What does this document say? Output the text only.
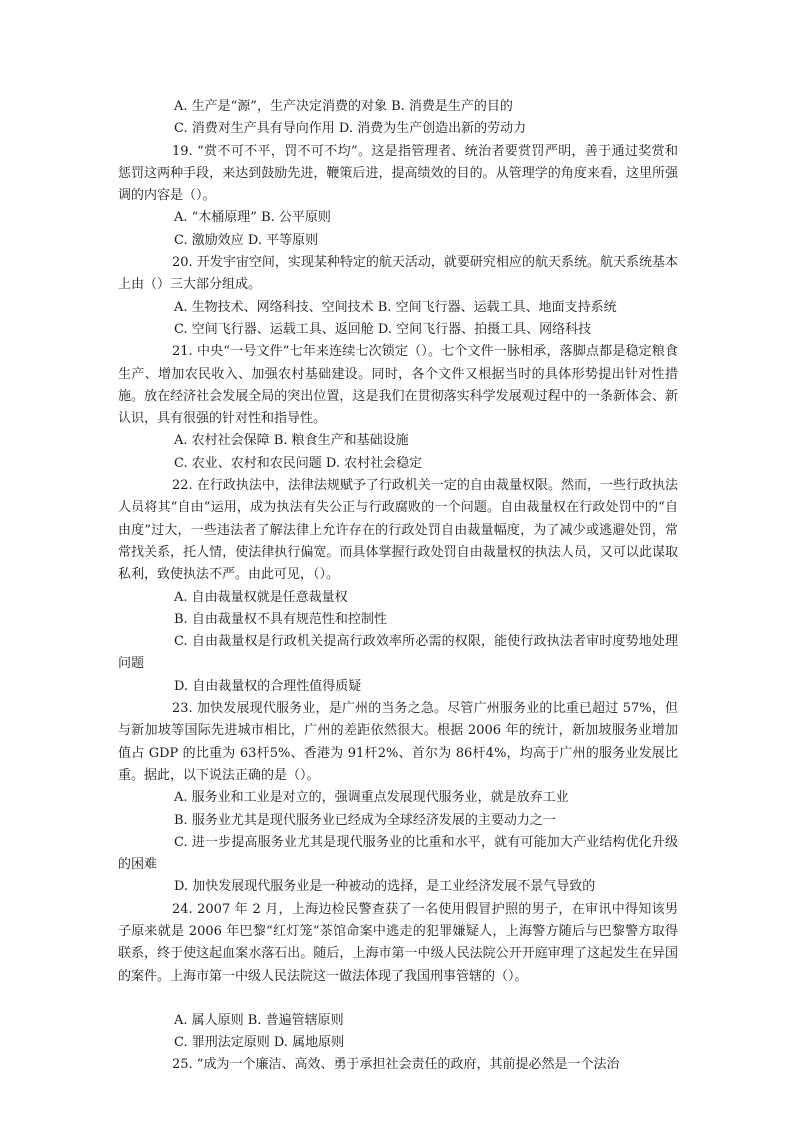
A. 生产是“源”，生产决定消费的对象 B. 消费是生产的目的

C. 消费对生产具有导向作用 D. 消费为生产创造出新的劳动力

19. “赏不可不平，罚不可不均”。这是指管理者、统治者要赏罚严明，善于通过奖赏和惩罚这两种手段，来达到鼓励先进，鞭策后进，提高绩效的目的。从管理学的角度来看，这里所强调的内容是（）。

A. “木桶原理” B. 公平原则

C. 激励效应 D. 平等原则

20. 开发宇宙空间，实现某种特定的航天活动，就要研究相应的航天系统。航天系统基本上由（）三大部分组成。

A. 生物技术、网络科技、空间技术 B. 空间飞行器、运载工具、地面支持系统

C. 空间飞行器、运载工具、返回舱 D. 空间飞行器、拍摄工具、网络科技

21. 中央“一号文件”七年来连续七次锁定（）。七个文件一脉相承，落脚点都是稳定粮食生产、增加农民收入、加强农村基础建设。同时，各个文件又根据当时的具体形势提出针对性措施。放在经济社会发展全局的突出位置，这是我们在贯彻落实科学发展观过程中的一条新体会、新认识，具有很强的针对性和指导性。

A. 农村社会保障 B. 粮食生产和基础设施

C. 农业、农村和农民问题 D. 农村社会稳定

22. 在行政执法中，法律法规赋予了行政机关一定的自由裁量权限。然而，一些行政执法人员将其“自由”运用，成为执法有失公正与行政腐败的一个问题。自由裁量权在行政处罚中的“自由度”过大，一些违法者了解法律上允许存在的行政处罚自由裁量幅度，为了减少或逃避处罚，常常找关系，托人情，使法律执行偏宽。而具体掌握行政处罚自由裁量权的执法人员，又可以此谋取私利，致使执法不严。由此可见，（）。

A. 自由裁量权就是任意裁量权

B. 自由裁量权不具有规范性和控制性

C. 自由裁量权是行政机关提高行政效率所必需的权限，能使行政执法者审时度势地处理问题

D. 自由裁量权的合理性值得质疑

23. 加快发展现代服务业，是广州的当务之急。尽管广州服务业的比重已超过 57%，但与新加坡等国际先进城市相比，广州的差距依然很大。根据 2006 年的统计，新加坡服务业增加值占 GDP 的比重为 63杆5%、香港为 91杆2%、首尔为 86杆4%，均高于广州的服务业发展比重。据此，以下说法正确的是（）。

A. 服务业和工业是对立的，强调重点发展现代服务业，就是放弃工业

B. 服务业尤其是现代服务业已经成为全球经济发展的主要动力之一

C. 进一步提高服务业尤其是现代服务业的比重和水平，就有可能加大产业结构优化升级的困难

D. 加快发展现代服务业是一种被动的选择，是工业经济发展不景气导致的

24. 2007 年 2 月，上海边检民警查获了一名使用假冒护照的男子，在审讯中得知该男子原来就是 2006 年巴黎“红灯笼”茶馆命案中逃走的犯罪嫌疑人，上海警方随后与巴黎警方取得联系，终于使这起血案水落石出。随后，上海市第一中级人民法院公开开庭审理了这起发生在异国的案件。上海市第一中级人民法院这一做法体现了我国刑事管辖的（）。

A. 属人原则 B. 普遍管辖原则

C. 罪刑法定原则 D. 属地原则

25. “成为一个廉洁、高效、勇于承担社会责任的政府，其前提必然是一个法治
